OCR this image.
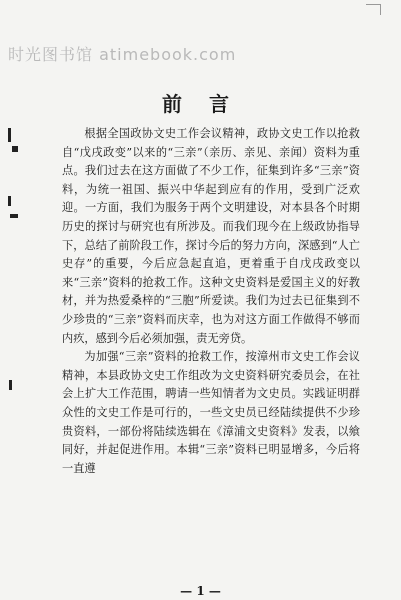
时光图书馆 atimebook.com
前 言

根据全国政协文史工作会议精神，政协文史工作以抢救自“戊戌政变”以来的“三亲”（亲历、亲见、亲闻）资料为重点。我们过去在这方面做了不少工作，征集到许多“三亲”资料，为统一祖国、振兴中华起到应有的作用，受到广泛欢迎。一方面，我们为服务于两个文明建设，对本县各个时期历史的探讨与研究也有所涉及。而我们现今在上级政协指导下，总结了前阶段工作，探讨今后的努力方向，深感到“人亡史存”的重要，今后应急起直追，更着重于自戊戌政变以来“三亲”资料的抢救工作。这种文史资料是爱国主义的好教材，并为热爱桑梓的“三胞”所爱读。我们为过去已征集到不少珍贵的“三亲”资料而庆幸，也为对这方面工作做得不够而内疚，感到今后必须加强，责无旁贷。

为加强“三亲”资料的抢救工作，按漳州市文史工作会议精神，本县政协文史工作组改为文史资料研究委员会，在社会上扩大工作范围，聘请一些知情者为文史员。实践证明群众性的文史工作是可行的，一些文史员已经陆续提供不少珍贵资料，一部份将陆续选辑在《漳浦文史资料》发表，以飨同好，并起促进作用。本辑“三亲”资料已明显增多，今后将一直遵

— 1 —
